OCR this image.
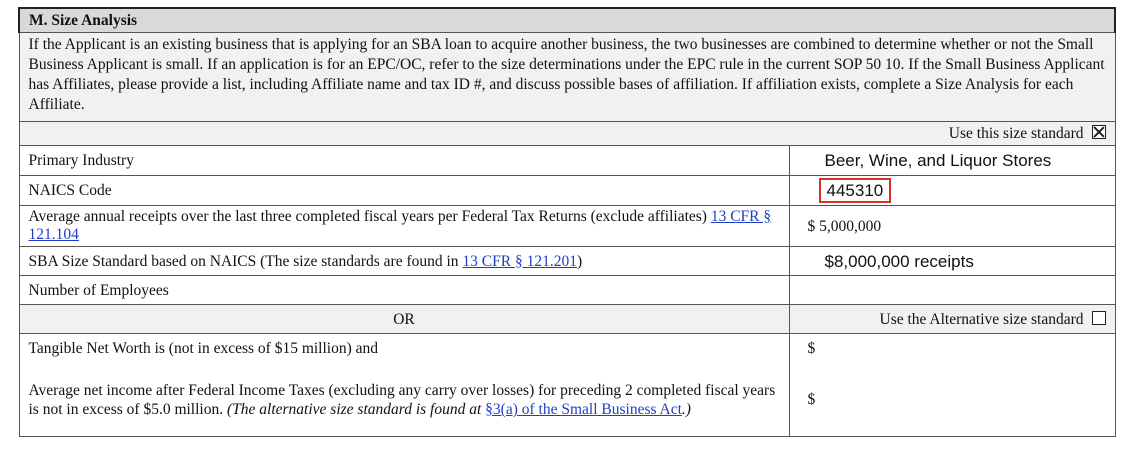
M. Size Analysis	
If the Applicant is an existing business that is applying for an SBA loan to acquire another business, the two businesses are combined to determine whether or not the Small Business Applicant is small. If an application is for an EPC/OC, refer to the size determinations under the EPC rule in the current SOP 50 10. If the Small Business Applicant has Affiliates, please provide a list, including Affiliate name and tax ID #, and discuss possible bases of affiliation. If affiliation exists, complete a Size Analysis for each Affiliate.	
Use this size standard	
Primary Industry	Beer, Wine, and Liquor Stores
NAICS Code	445310
Average annual receipts over the last three completed fiscal years per Federal Tax Returns (exclude affiliates) 13 CFR § 121.104	$ 5,000,000
SBA Size Standard based on NAICS (The size standards are found in 13 CFR § 121.201)	$8,000,000 receipts
Number of Employees	
OR	Use the Alternative size standard
Tangible Net Worth is (not in excess of $15 million) and	$
Average net income after Federal Income Taxes (excluding any carry over losses) for preceding 2 completed fiscal years is not in excess of $5.0 million. (The alternative size standard is found at §3(a) of the Small Business Act.)	$
